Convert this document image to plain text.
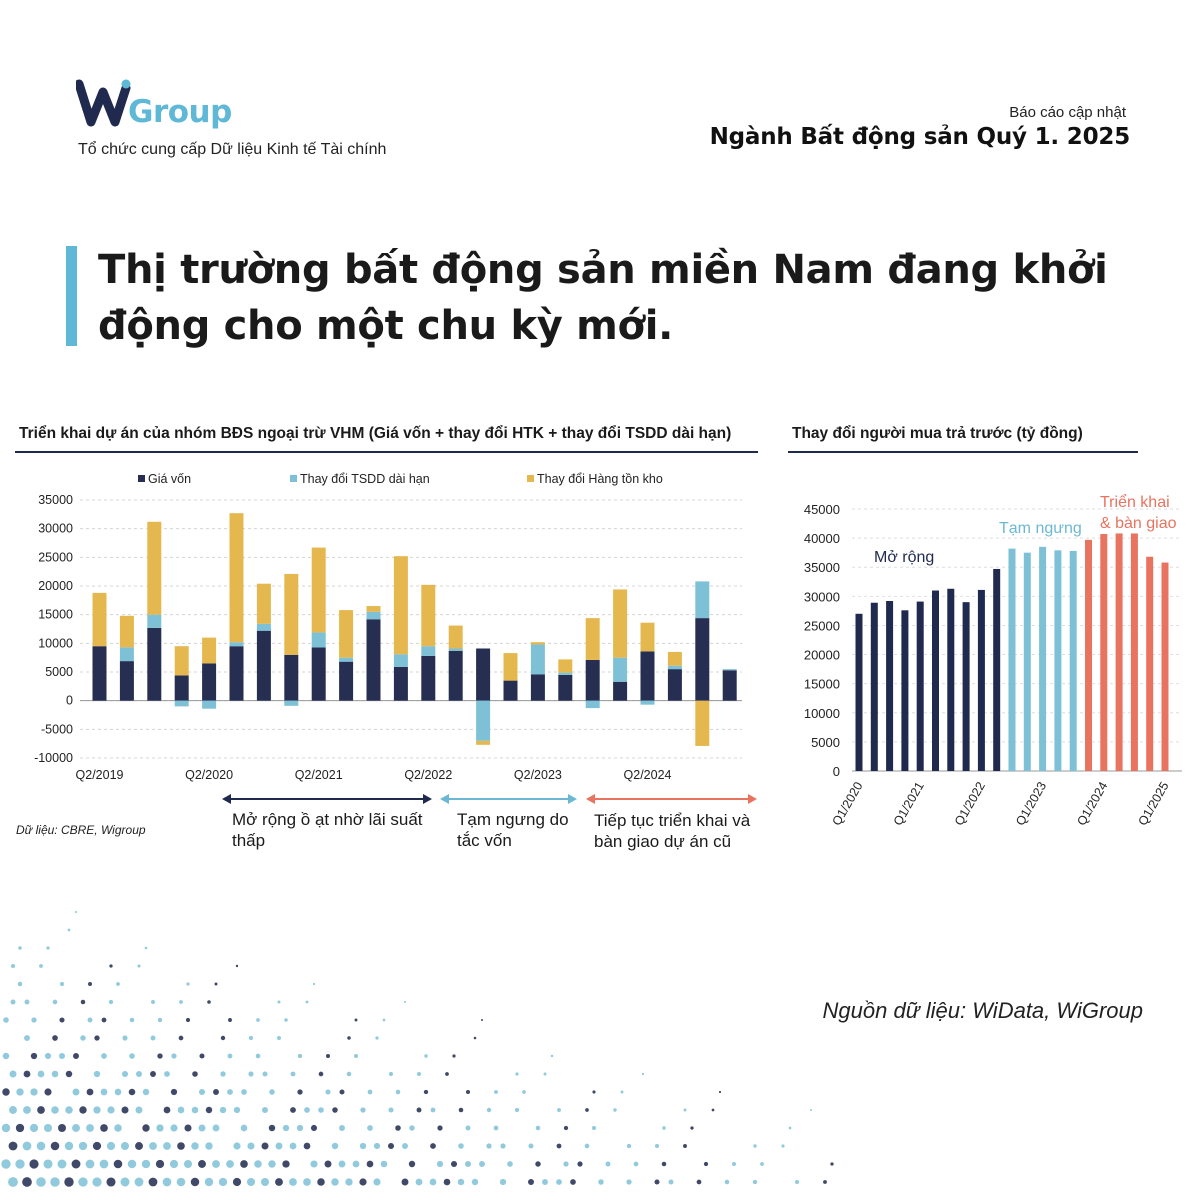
Group
Tổ chức cung cấp Dữ liệu Kinh tế Tài chính
Báo cáo cập nhật
Ngành Bất động sản Quý 1. 2025
Thị trường bất động sản miền Nam đang khởi
động cho một chu kỳ mới.
Triển khai dự án của nhóm BĐS ngoại trừ VHM (Giá vốn + thay đổi HTK + thay đổi TSDD dài hạn)
35000
30000
25000
20000
15000
10000
5000
0
-5000
-10000
Giá vốn	Thay đổi TSDD dài hạn	Thay đổi Hàng tồn kho
Q2/2019	Q2/2020	Q2/2021	Q2/2022	Q2/2023	Q2/2024
Dữ liệu: CBRE, Wigroup
Mở rộng ồ ạt nhờ lãi suất
thấp
Tạm ngưng do
tắc vốn
Tiếp tục triển khai và
bàn giao dự án cũ
Thay đổi người mua trả trước (tỷ đồng)
45000
40000
35000
30000
25000
20000
15000
10000
5000
0
Q1/2020 Q1/2021 Q1/2022 Q1/2023 Q1/2024 Q1/2025
Mở rộng
Tạm ngưng
Triển khai
& bàn giao
Nguồn dữ liệu: WiData, WiGroup
